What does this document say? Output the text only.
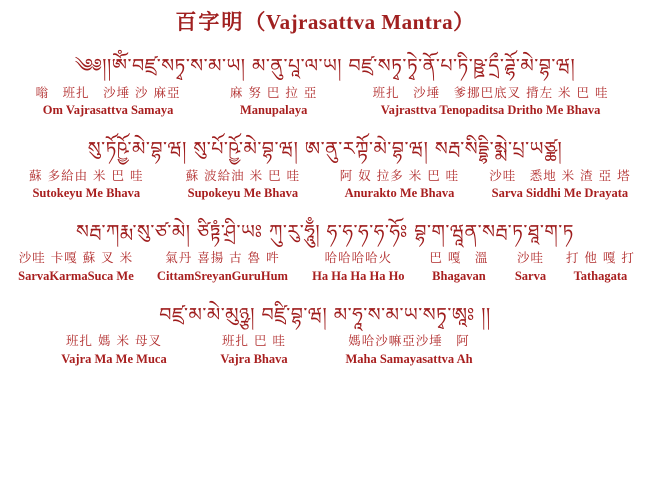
百字明（Vajrasattva Mantra）
༄༅།།ཨོཾ་བཛྲ་སཏྭ་ས་མ་ཡ། མ་ནུ་པཱ་ལ་ཡ། བཛྲ་སཏྭ་ཏྭེ་ནོ་པ་ཏི་ཥྛ་དྲྀ་ཌྷོ་མེ་བྷ་ཝ།
嗡　班扎　沙埵 沙 麻亞
Om Vajrasattva Samaya
麻 努 巴 拉 亞
Manupalaya
班扎　沙埵　爹挪巴底叉 揹左 米 巴 哇
Vajrasttva Tenopaditsa Dritho Me Bhava
སུ་ཏོཥྱོ་མེ་བྷ་ཝ། སུ་པོ་ཥྱོ་མེ་བྷ་ཝ། ཨ་ནུ་རཀྟོ་མེ་བྷ་ཝ། སརྦ་སིདྡྷི་མྨེ་པྲ་ཡཙྪ།
蘇 多給由 米 巴 哇
Sutokeyu Me Bhava
蘇 波給油 米 巴 哇
Supokeyu Me Bhava
阿 奴 拉多 米 巴 哇
Anurakto Me Bhava
沙哇　悉地 米 渣 亞 塔
Sarva Siddhi Me Drayata
སརྦ་ཀརྨ་སུ་ཙ་མེ། ཙིཏྟཾ་ཤྲི་ཡཿ ཀུ་རུ་ཧཱུྃ། ཧ་ཧ་ཧ་ཧ་ཧོཿ བྷ་ག་ཝཱན་སརྦ་ཏ་ཐཱ་ག་ཏ
沙哇 卡嘎 蘇 叉 米
SarvaKarmaSuca Me
氣丹 喜揚 古 魯 吽
CittamSreyanGuruHum
哈哈哈哈火
Ha Ha Ha Ha Ho
巴 嘎　溫
Bhagavan
沙哇
Sarva
打 他 嘎 打
Tathagata
བཛྲ་མ་མེ་མུཉྩ། བཛྲི་བྷ་ཝ། མ་ཧཱ་ས་མ་ཡ་སཏྭ་ཨཱཿ །།
班扎 媽 米 母叉
Vajra Ma Me Muca
班扎 巴 哇
Vajra Bhava
媽哈沙嘛亞沙埵　阿
Maha Samayasattva Ah
